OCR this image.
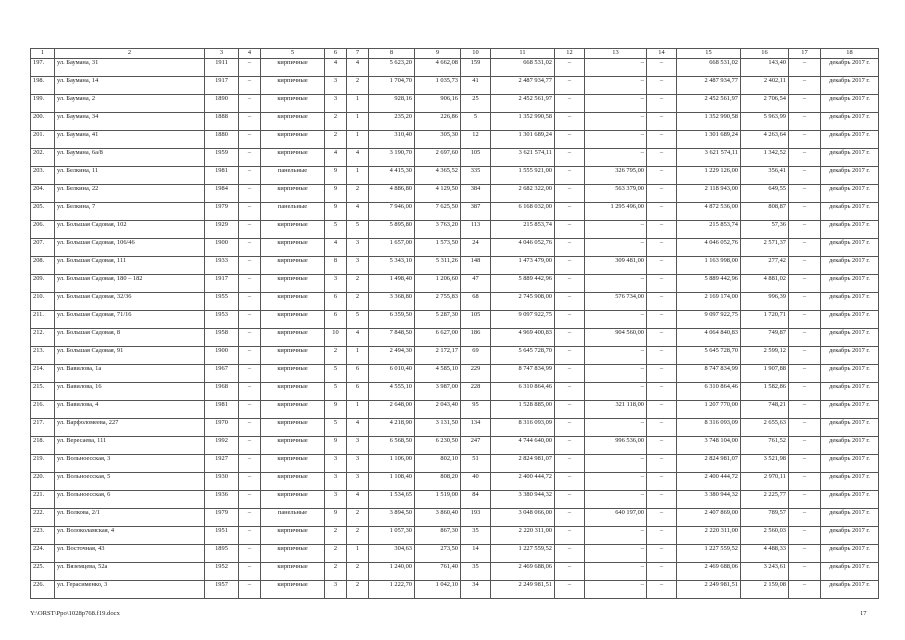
1	2	3	4	5	6	7	8	9	10	11	12	13	14	15	16	17	18
197.	ул. Баумана, 31	1911	–	кирпичные	4	4	5 623,20	4 662,08	159	668 531,02	–	–	–	668 531,02	143,40	–	декабрь 2017 г.
198.	ул. Баумана, 14	1917	–	кирпичные	3	2	1 704,70	1 035,73	41	2 487 934,77	–	–	–	2 487 934,77	2 402,11	–	декабрь 2017 г.
199.	ул. Баумана, 2	1890	–	кирпичные	3	1	928,16	906,16	25	2 452 561,97	–	–	–	2 452 561,97	2 706,54	–	декабрь 2017 г.
200.	ул. Баумана, 34	1888	–	кирпичные	2	1	235,20	226,86	5	1 352 990,58	–	–	–	1 352 990,58	5 963,99	–	декабрь 2017 г.
201.	ул. Баумана, 41	1880	–	кирпичные	2	1	310,40	305,30	12	1 301 689,24	–	–	–	1 301 689,24	4 263,64	–	декабрь 2017 г.
202.	ул. Баумана, 6а/8	1959	–	кирпичные	4	4	3 190,70	2 697,60	105	3 621 574,11	–	–	–	3 621 574,11	1 342,52	–	декабрь 2017 г.
203.	ул. Белкина, 11	1981	–	панельные	9	1	4 415,30	4 365,52	335	1 555 921,00	–	326 795,00	–	1 229 126,00	356,41	–	декабрь 2017 г.
204.	ул. Белкина, 22	1984	–	кирпичные	9	2	4 886,80	4 129,50	384	2 682 322,00	–	563 379,00	–	2 118 943,00	649,55	–	декабрь 2017 г.
205.	ул. Белкина, 7	1979	–	панельные	9	4	7 946,00	7 625,50	387	6 168 032,00	–	1 295 496,00	–	4 872 536,00	808,87	–	декабрь 2017 г.
206.	ул. Большая Садовая, 102	1929	–	кирпичные	5	5	5 895,80	3 763,20	113	215 853,74	–	–	–	215 853,74	57,36	–	декабрь 2017 г.
207.	ул. Большая Садовая, 106/46	1900	–	кирпичные	4	3	1 657,00	1 573,50	24	4 046 052,76	–	–	–	4 046 052,76	2 571,37	–	декабрь 2017 г.
208.	ул. Большая Садовая, 111	1933	–	кирпичные	8	3	5 343,10	5 311,26	148	1 473 479,00	–	309 481,00	–	1 163 998,00	277,42	–	декабрь 2017 г.
209.	ул. Большая Садовая, 180 – 182	1917	–	кирпичные	3	2	1 498,40	1 206,60	47	5 889 442,96	–	–	–	5 889 442,96	4 881,02	–	декабрь 2017 г.
210.	ул. Большая Садовая, 32/36	1955	–	кирпичные	6	2	3 368,80	2 755,83	68	2 745 908,00	–	576 734,00	–	2 169 174,00	996,39	–	декабрь 2017 г.
211.	ул. Большая Садовая, 71/16	1953	–	кирпичные	6	5	6 359,50	5 287,30	105	9 097 922,75	–	–	–	9 097 922,75	1 720,71	–	декабрь 2017 г.
212.	ул. Большая Садовая, 8	1958	–	кирпичные	10	4	7 848,50	6 627,00	186	4 969 400,83	–	904 560,00	–	4 064 840,83	749,87	–	декабрь 2017 г.
213.	ул. Большая Садовая, 91	1900	–	кирпичные	2	1	2 494,30	2 172,17	69	5 645 728,70	–	–	–	5 645 728,70	2 599,12	–	декабрь 2017 г.
214.	ул. Вавилова, 1а	1967	–	кирпичные	5	6	6 010,40	4 585,10	229	8 747 834,99	–	–	–	8 747 834,99	1 907,88	–	декабрь 2017 г.
215.	ул. Вавилова, 16	1968	–	кирпичные	5	6	4 555,10	3 987,00	228	6 310 864,46	–	–	–	6 310 864,46	1 582,86	–	декабрь 2017 г.
216.	ул. Вавилова, 4	1981	–	кирпичные	9	1	2 648,00	2 043,40	95	1 528 885,00	–	321 118,00	–	1 207 770,00	748,21	–	декабрь 2017 г.
217.	ул. Варфоломеева, 227	1970	–	кирпичные	5	4	4 218,90	3 131,50	134	8 316 093,09	–	–	–	8 316 093,09	2 655,63	–	декабрь 2017 г.
218.	ул. Вересаева, 111	1992	–	кирпичные	9	3	6 568,50	6 230,50	247	4 744 640,00	–	996 536,00	–	3 748 104,00	761,52	–	декабрь 2017 г.
219.	ул. Вольноесская, 3	1927	–	кирпичные	3	3	1 106,00	802,10	51	2 824 981,07	–	–	–	2 824 981,07	3 521,98	–	декабрь 2017 г.
220.	ул. Вольноесская, 5	1930	–	кирпичные	3	3	1 108,40	808,20	40	2 400 444,72	–	–	–	2 400 444,72	2 970,11	–	декабрь 2017 г.
221.	ул. Вольноесская, 6	1936	–	кирпичные	3	4	1 534,65	1 519,00	84	3 380 944,32	–	–	–	3 380 944,32	2 225,77	–	декабрь 2017 г.
222.	ул. Волкова, 2/1	1979	–	панельные	9	2	3 894,50	3 860,40	193	3 048 066,00	–	640 197,00	–	2 407 869,00	789,57	–	декабрь 2017 г.
223.	ул. Волоколамская, 4	1951	–	кирпичные	2	2	1 057,30	867,30	35	2 220 311,00	–	–	–	2 220 311,00	2 560,03	–	декабрь 2017 г.
224.	ул. Восточная, 43	1895	–	кирпичные	2	1	304,63	273,50	14	1 227 559,52	–	–	–	1 227 559,52	4 488,33	–	декабрь 2017 г.
225.	ул. Вяземцева, 52а	1952	–	кирпичные	2	2	1 240,00	761,40	35	2 469 688,06	–	–	–	2 469 688,06	3 243,61	–	декабрь 2017 г.
226.	ул. Герасименко, 3	1957	–	кирпичные	3	2	1 222,70	1 042,10	34	2 249 981,51	–	–	–	2 249 981,51	2 159,08	–	декабрь 2017 г.
Y:\ORST\Ppo\1028p768.f19.docx	17
